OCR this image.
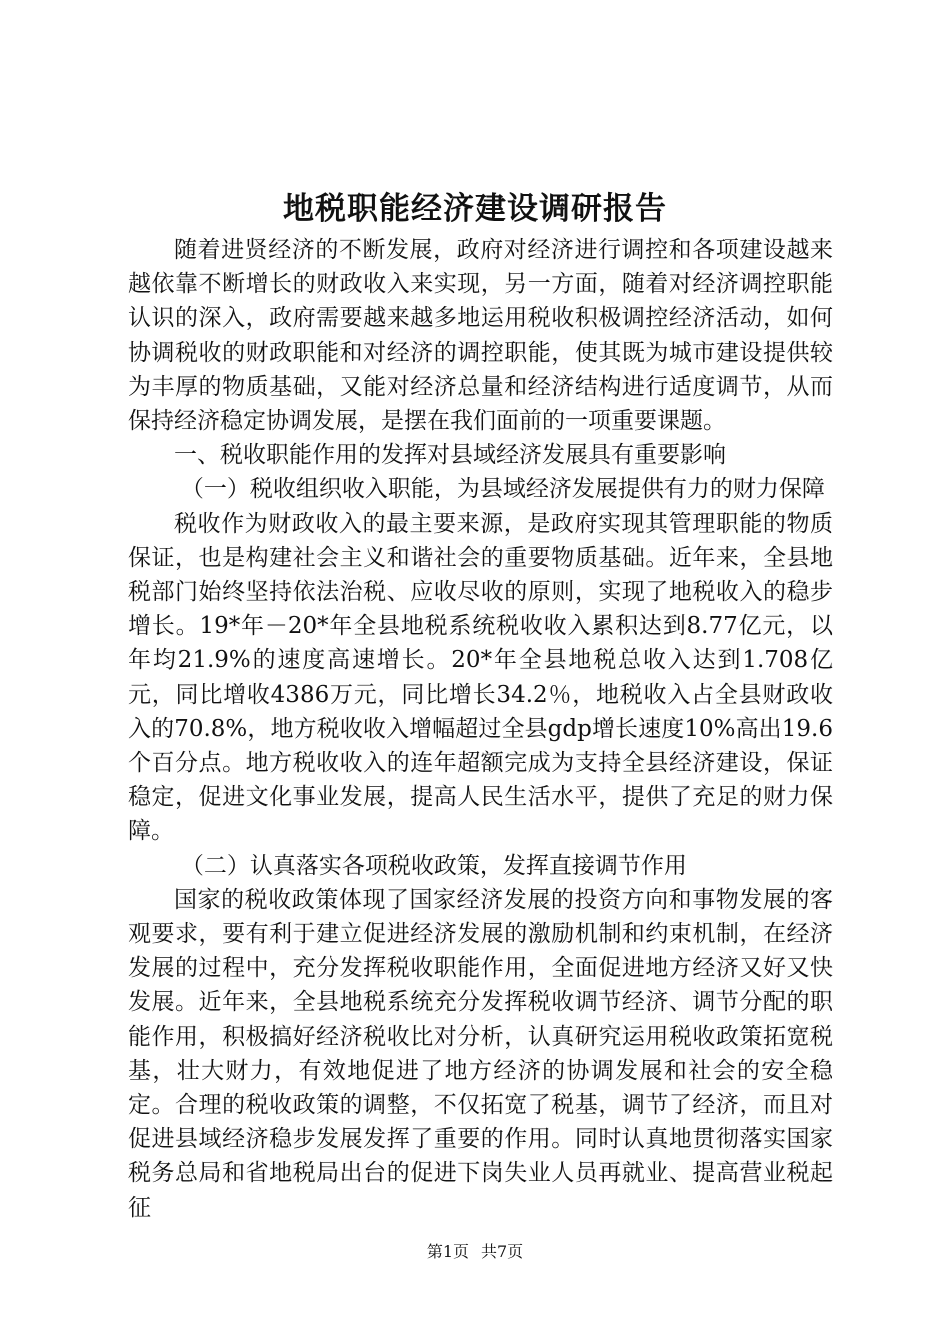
地税职能经济建设调研报告

随着进贤经济的不断发展，政府对经济进行调控和各项建设越来越依靠不断增长的财政收入来实现，另一方面，随着对经济调控职能认识的深入，政府需要越来越多地运用税收积极调控经济活动，如何协调税收的财政职能和对经济的调控职能，使其既为城市建设提供较为丰厚的物质基础，又能对经济总量和经济结构进行适度调节，从而保持经济稳定协调发展，是摆在我们面前的一项重要课题。

一、税收职能作用的发挥对县域经济发展具有重要影响

（一）税收组织收入职能，为县域经济发展提供有力的财力保障

税收作为财政收入的最主要来源，是政府实现其管理职能的物质保证，也是构建社会主义和谐社会的重要物质基础。近年来，全县地税部门始终坚持依法治税、应收尽收的原则，实现了地税收入的稳步增长。19*年－20*年全县地税系统税收收入累积达到8.77亿元，以年均21.9%的速度高速增长。20*年全县地税总收入达到1.708亿元，同比增收4386万元，同比增长34.2％，地税收入占全县财政收入的70.8%，地方税收收入增幅超过全县gdp增长速度10%高出19.6个百分点。地方税收收入的连年超额完成为支持全县经济建设，保证稳定，促进文化事业发展，提高人民生活水平，提供了充足的财力保障。

（二）认真落实各项税收政策，发挥直接调节作用

国家的税收政策体现了国家经济发展的投资方向和事物发展的客观要求，要有利于建立促进经济发展的激励机制和约束机制，在经济发展的过程中，充分发挥税收职能作用，全面促进地方经济又好又快发展。近年来，全县地税系统充分发挥税收调节经济、调节分配的职能作用，积极搞好经济税收比对分析，认真研究运用税收政策拓宽税基，壮大财力，有效地促进了地方经济的协调发展和社会的安全稳定。合理的税收政策的调整，不仅拓宽了税基，调节了经济，而且对促进县域经济稳步发展发挥了重要的作用。同时认真地贯彻落实国家税务总局和省地税局出台的促进下岗失业人员再就业、提高营业税起征

第1页 共7页
